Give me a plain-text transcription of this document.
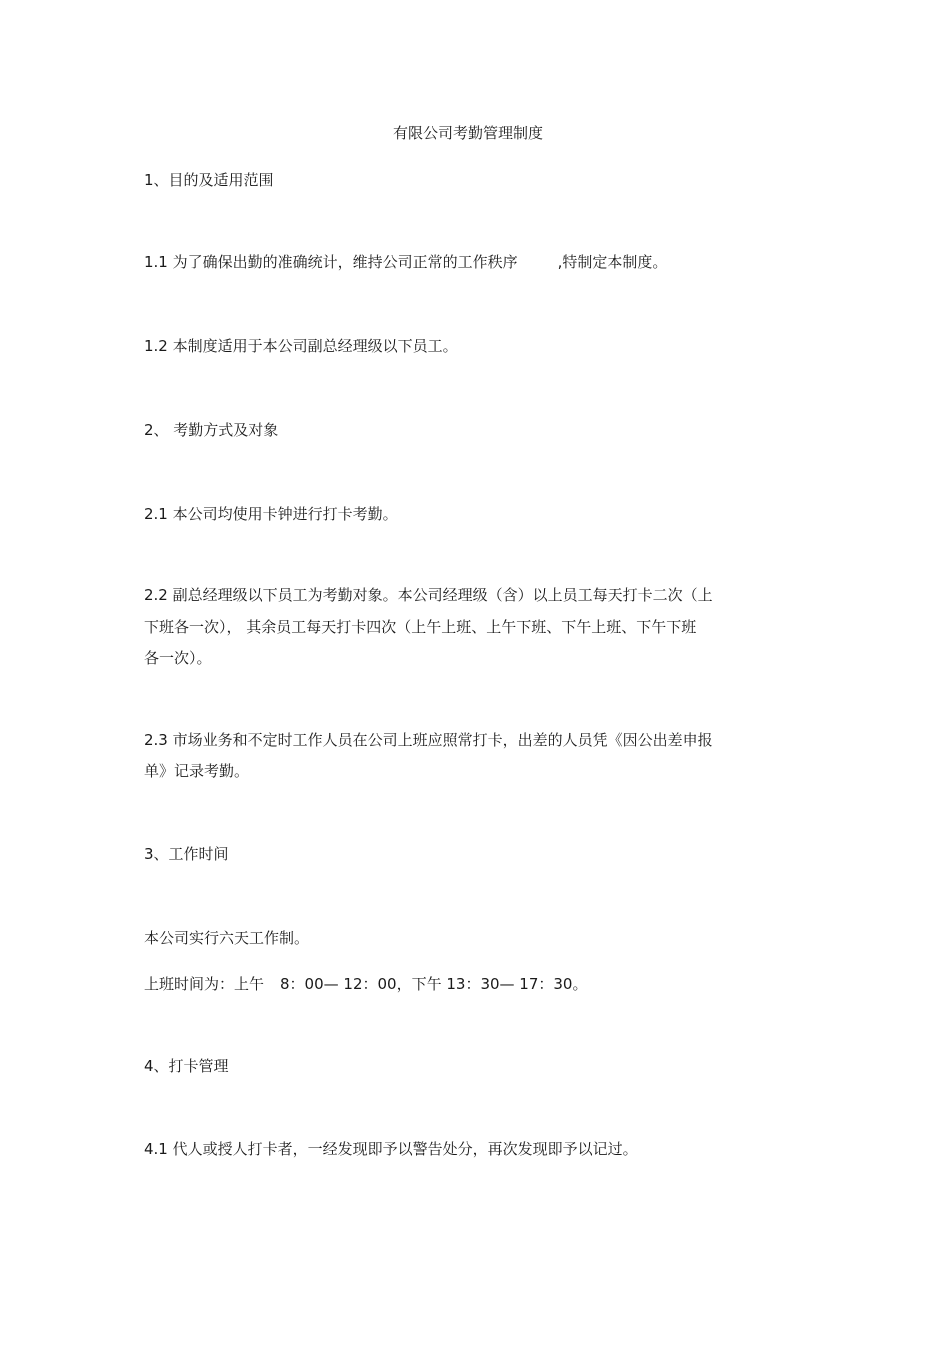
有限公司考勤管理制度
1、目的及适用范围
1.1 为了确保出勤的准确统计，维持公司正常的工作秩序	,特制定本制度。
1.2 本制度适用于本公司副总经理级以下员工。
2、 考勤方式及对象
2.1 本公司均使用卡钟进行打卡考勤。
2.2 副总经理级以下员工为考勤对象。本公司经理级（含）以上员工每天打卡二次（上
下班各一次）， 其余员工每天打卡四次（上午上班、上午下班、下午上班、下午下班
各一次）。
2.3 市场业务和不定时工作人员在公司上班应照常打卡，出差的人员凭《因公出差申报
单》记录考勤。
3、工作时间
本公司实行六天工作制。
上班时间为：上午 8：00— 12：00，下午 13：30— 17：30。
4、打卡管理
4.1 代人或授人打卡者，一经发现即予以警告处分，再次发现即予以记过。
